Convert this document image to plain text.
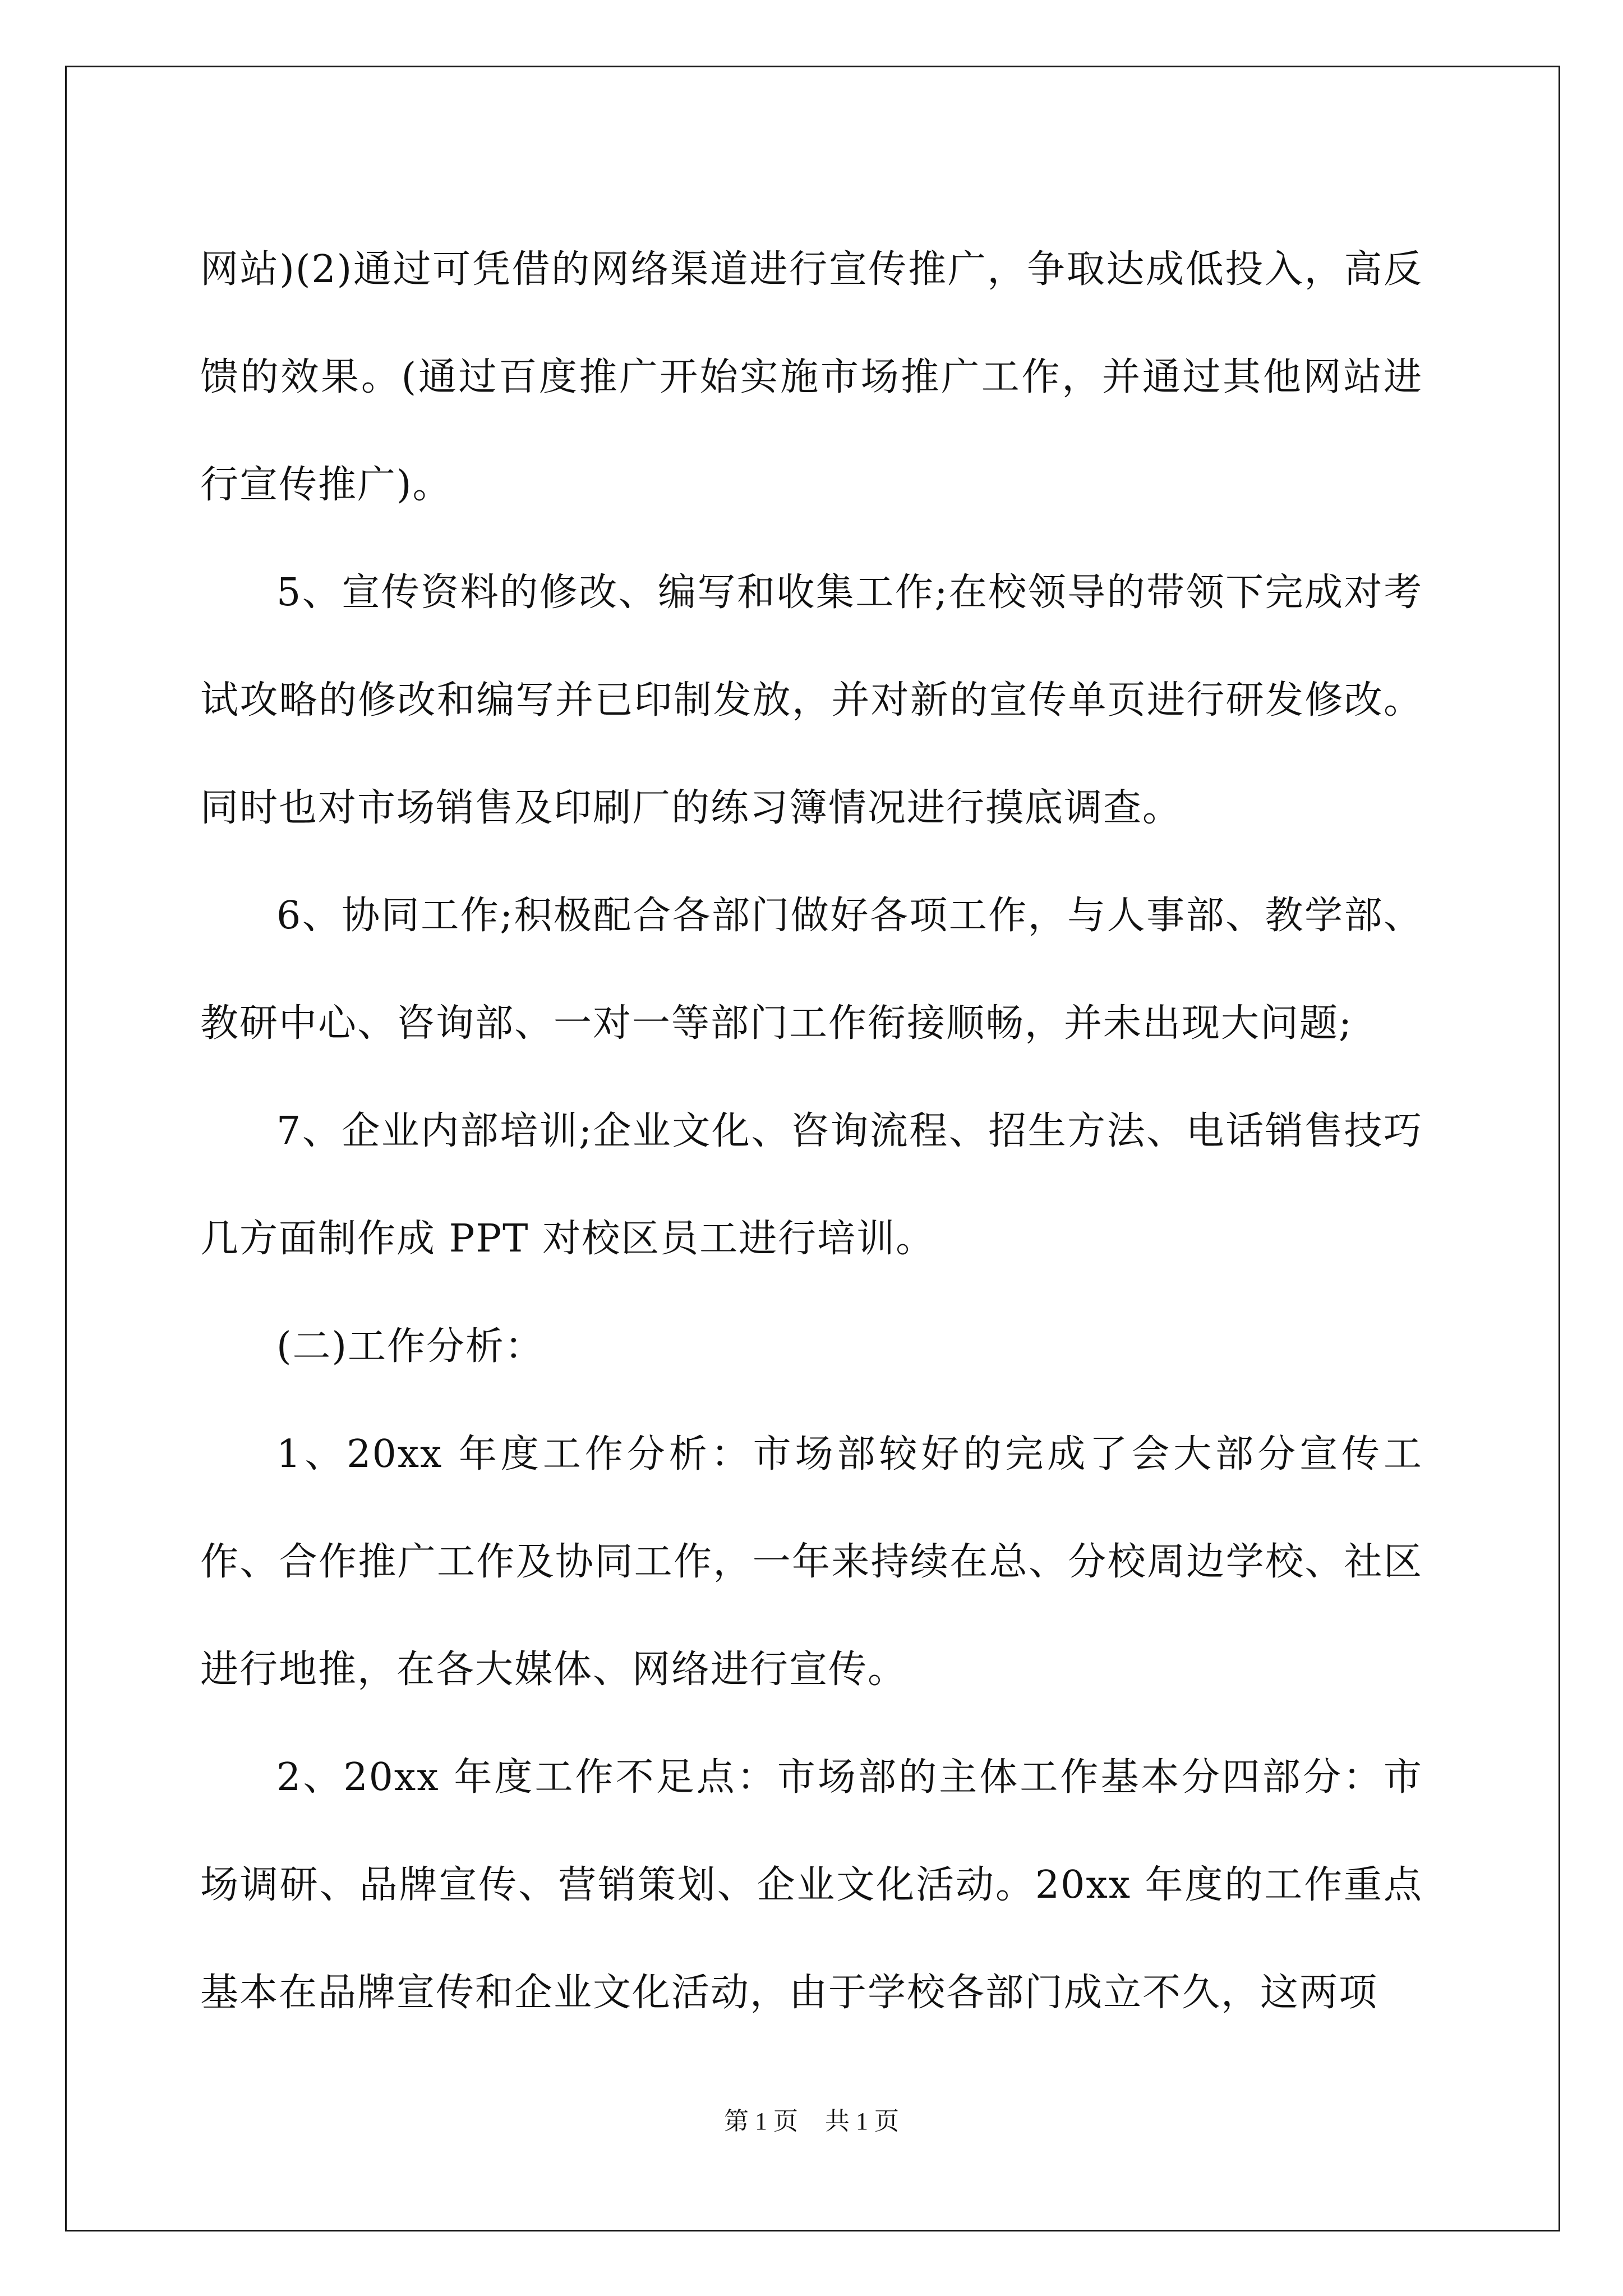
网站)(2)通过可凭借的网络渠道进行宣传推广，争取达成低投入，高反馈的效果。(通过百度推广开始实施市场推广工作，并通过其他网站进行宣传推广)。

5、宣传资料的修改、编写和收集工作;在校领导的带领下完成对考试攻略的修改和编写并已印制发放，并对新的宣传单页进行研发修改。同时也对市场销售及印刷厂的练习簿情况进行摸底调查。

6、协同工作;积极配合各部门做好各项工作，与人事部、教学部、教研中心、咨询部、一对一等部门工作衔接顺畅，并未出现大问题;

7、企业内部培训;企业文化、咨询流程、招生方法、电话销售技巧几方面制作成 PPT 对校区员工进行培训。

(二)工作分析：

1、20xx 年度工作分析：市场部较好的完成了会大部分宣传工作、合作推广工作及协同工作，一年来持续在总、分校周边学校、社区进行地推，在各大媒体、网络进行宣传。

2、20xx 年度工作不足点：市场部的主体工作基本分四部分：市场调研、品牌宣传、营销策划、企业文化活动。20xx 年度的工作重点基本在品牌宣传和企业文化活动，由于学校各部门成立不久，这两项

第 1 页 共 1 页
